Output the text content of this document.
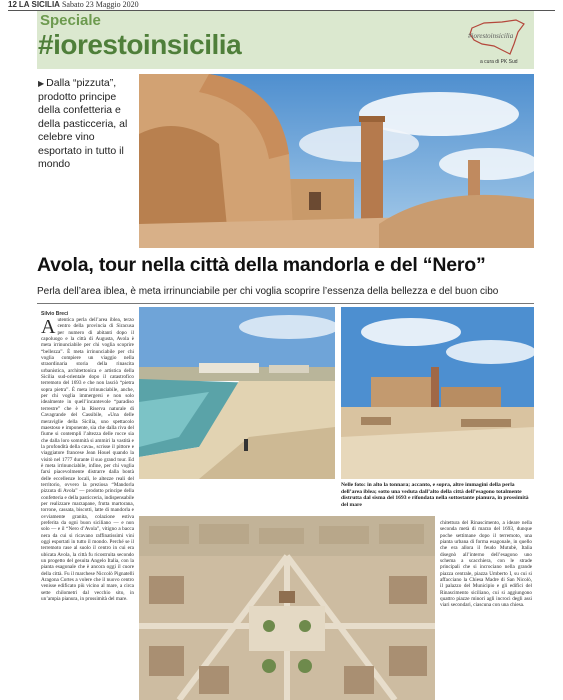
12 LA SICILIA Sabato 23 Maggio 2020
Speciale
#iorestoinsicilia	#iorestoinsicilia
a cura di PK Sud
▶ Dalla “pizzuta”, prodotto principe della confetteria e della pasticceria, al celebre vino esportato in tutto il mondo
Avola, tour nella città della mandorla e del “Nero”
Perla dell’area iblea, è meta irrinunciabile per chi voglia scoprire l’essenza della bellezza e del buon cibo
Silvio Breci
Autentica perla dell’area iblea, terzo centro della provincia di Siracusa per numero di abitanti dopo il capoluogo e la città di Augusta, Avola è meta irrinunciabile per chi voglia scoprire “bellezza”. È meta irrinunciabile per chi voglia compiere un viaggio nella straordinaria storia della rinascita urbanistica, architettonica e artistica della Sicilia sud-orientale dopo il catastrofico terremoto del 1693 e che non lasciò “pietra sopra pietra”. È meta irrinunciabile, anche, per chi voglia immergersi e non solo idealmente in quell’incantevole “paradiso terrestre” che è la Riserva naturale di Cavagrande del Cassibile, «Una delle meraviglie della Sicilia, uno spettacolo maestoso e imponente, sia che dalla riva del fiume si contempli l’altezza delle rocce sia che dalla loro sommità si ammiri la vastità e la profondità della cava», scrisse il pittore e viaggiatore francese Jean Houel quando la visitò nel 1777 durante il suo grand tour. Ed è meta irrinunciabile, infine, per chi voglia farsi piacevolmente distrarre dalla bontà delle eccellenze locali, le altezze reali del territorio, ovvero la preziosa “Mandorla pizzuta di Avola” — prodotto principe della confetteria e della pasticceria, indispensabile per realizzare marzapane, frutta martorana, torrone, cassata, biscotti, latte di mandorla e ovviamente granita, colazione estiva preferita da ogni buon siciliano — e non solo — e il “Nero d’Avola”, vitigno a bacca nera da cui si ricavano raffinatissimi vini oggi esportati in tutto il mondo. Perché se il terremoto rase al suolo il centro in cui era ubicata Avola, la città fu ricostruita secondo un progetto del gesuita Angelo Italia, con la pianta esagonale che è ancora oggi il cuore della città. Fu il marchese Niccolò Pignatelli Aragona Cortes a volere che il nuovo centro venisse edificato più vicino al mare, a circa sette chilometri dal vecchio sito, in un’ampia pianura, in prossimità del mare.
Nelle foto: in alto la tonnara; accanto, e sopra, altre immagini della perla dell’area iblea; sotto una veduta dall’alto della città dell’esagono totalmente distrutta dal sisma del 1693 e rifondata nella sottostante pianura, in prossimità del mare
chitettura del Rinascimento, a ideare nella seconda metà di marzo del 1693, dunque poche settimane dopo il terremoto, una pianta urbana di forma esagonale, in quello che era allora il feudo Mutubè, Italia disegnò all’interno dell’esagono uno schema a scacchiera, con le strade principali che si incrociano nella grande piazza centrale, piazza Umberto I, su cui si affacciano la Chiesa Madre di San Nicolò, il palazzo del Municipio e gli edifici del Rinascimento siciliano, cui si aggiungono quattro piazze minori agli incroci degli assi viari secondari, ciascuna con una chiesa.
